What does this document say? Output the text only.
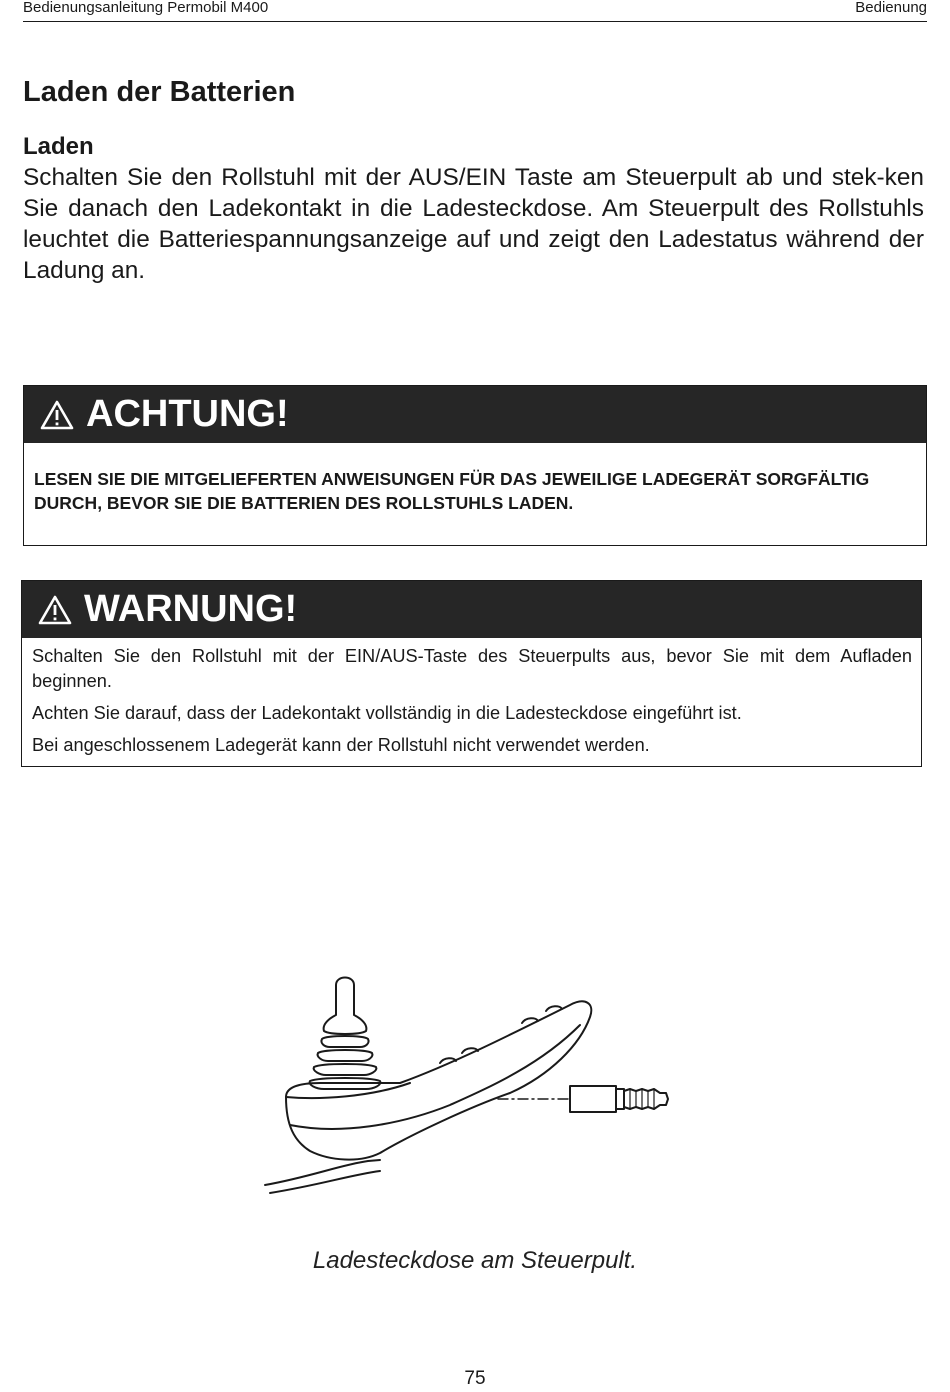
Bedienungsanleitung Permobil M400	Bedienung
Laden der Batterien
Laden

Schalten Sie den Rollstuhl mit der AUS/EIN Taste am Steuerpult ab und stek-ken Sie danach den Ladekontakt in die Ladesteckdose. Am Steuerpult des Rollstuhls leuchtet die Batteriespannungsanzeige auf und zeigt den Ladestatus während der Ladung an.

ACHTUNG!
LESEN SIE DIE MITGELIEFERTEN ANWEISUNGEN FÜR DAS JEWEILIGE LADEGERÄT SORGFÄLTIG DURCH, BEVOR SIE DIE BATTERIEN DES ROLLSTUHLS LADEN.
WARNUNG!

Schalten Sie den Rollstuhl mit der EIN/AUS-Taste des Steuerpults aus, bevor Sie mit dem Aufladen beginnen.

Achten Sie darauf, dass der Ladekontakt vollständig in die Ladesteckdose eingeführt ist.

Bei angeschlossenem Ladegerät kann der Rollstuhl nicht verwendet werden.

Ladesteckdose am Steuerpult.
75
